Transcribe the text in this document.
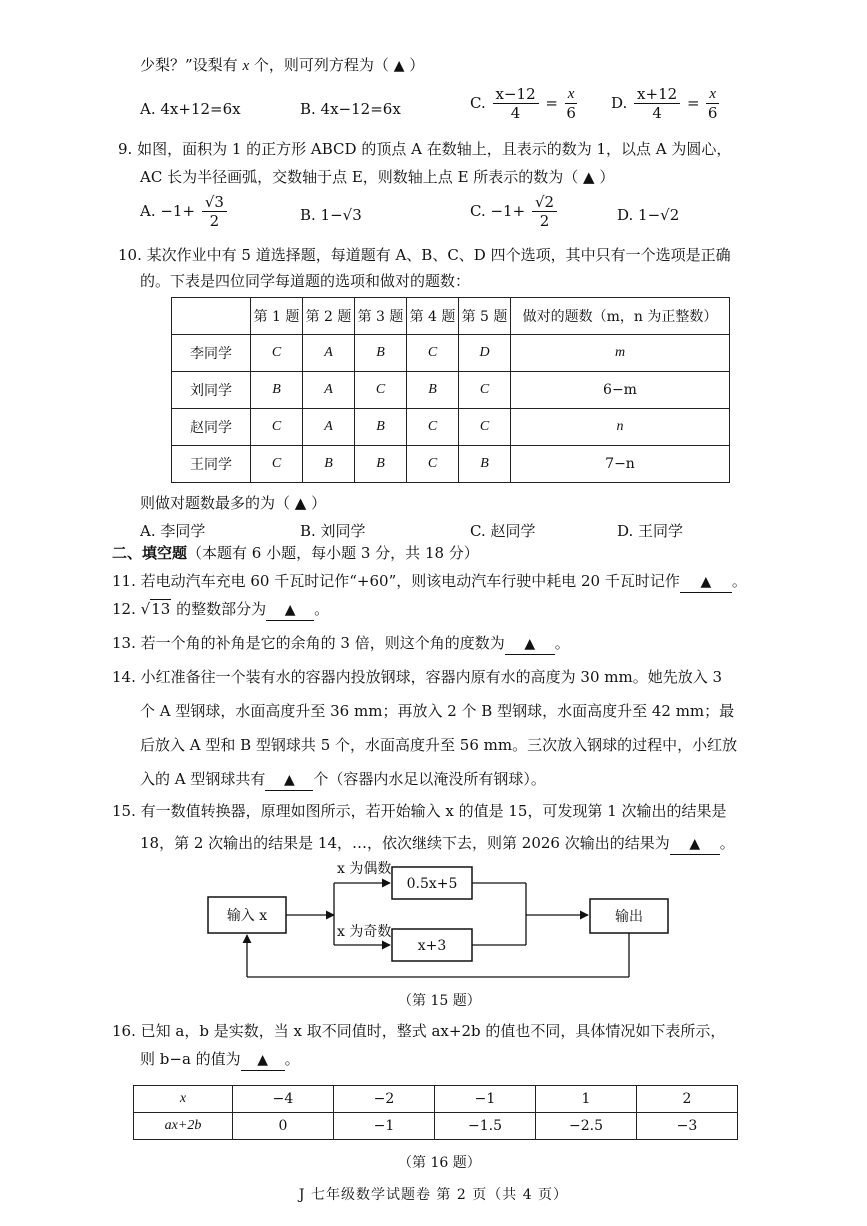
少梨？”设梨有 x 个，则可列方程为（ ▲ ）
A. 4x+12=6x	B. 4x−12=6x	C. $\frac{x-12}{4} = \frac{x}{6} D$. $\frac{x+12}{4} = \frac{x}{6}$
9. 如图，面积为 1 的正方形 ABCD 的顶点 A 在数轴上，且表示的数为 1，以点 A 为圆心，
AC 长为半径画弧，交数轴于点 E，则数轴上点 E 所表示的数为（ ▲ ）
A. $-1+ \frac{√3}{2}$	B. 1−√3	C. $-1+ \frac{√2}{2}$	D. 1−√2
10. 某次作业中有 5 道选择题，每道题有 A、B、C、D 四个选项，其中只有一个选项是正确
的。下表是四位同学每道题的选项和做对的题数：
	第 1 题	第 2 题	第 3 题	第 4 题	第 5 题	做对的题数（m，n 为正整数）
李同学	C	A	B	C	D	m
刘同学	B	A	C	B	C	6−m
赵同学	C	A	B	C	C	n
王同学	C	B	B	C	B	7−n
则做对题数最多的为（ ▲ ）
A. 李同学	B. 刘同学	C. 赵同学	D. 王同学
二、填空题（本题有 6 小题，每小题 3 分，共 18 分）
11. 若电动汽车充电 60 千瓦时记作“+60”，则该电动汽车行驶中耗电 20 千瓦时记作 ▲ 。
12. √13 的整数部分为 ▲ 。
13. 若一个角的补角是它的余角的 3 倍，则这个角的度数为 ▲ 。
14. 小红准备往一个装有水的容器内投放钢球，容器内原有水的高度为 30 mm。她先放入 3
个 A 型钢球，水面高度升至 36 mm；再放入 2 个 B 型钢球，水面高度升至 42 mm；最
后放入 A 型和 B 型钢球共 5 个，水面高度升至 56 mm。三次放入钢球的过程中，小红放
入的 A 型钢球共有 ▲ 个（容器内水足以淹没所有钢球）。
15. 有一数值转换器，原理如图所示，若开始输入 x 的值是 15，可发现第 1 次输出的结果是
18，第 2 次输出的结果是 14，…，依次继续下去，则第 2026 次输出的结果为 ▲ 。
输入 x
x 为偶数
x 为奇数
0.5x+5
x+3
输出
（第 15 题）
16. 已知 a，b 是实数，当 x 取不同值时，整式 ax+2b 的值也不同，具体情况如下表所示，
则 b−a 的值为 ▲ 。
x	−4	−2	−1	1	2
ax+2b	0	−1	−1.5	−2.5	−3
（第 16 题）
J 七年级数学试题卷 第 2 页（共 4 页）
